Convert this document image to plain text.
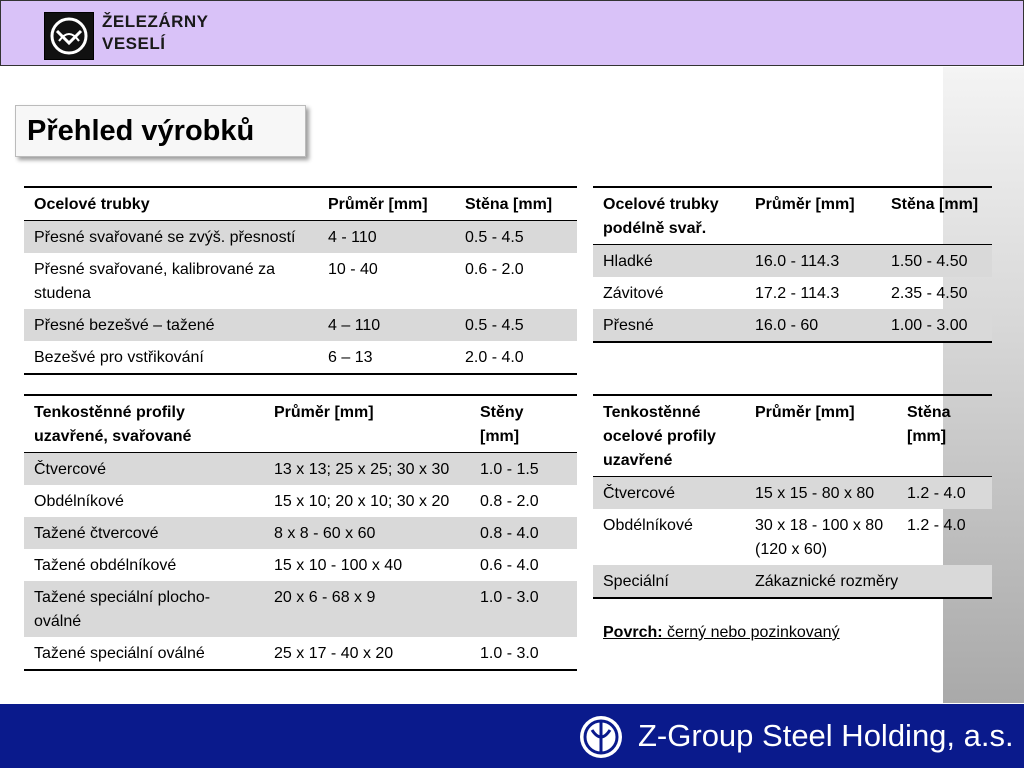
ŽELEZÁRNY
VESELÍ
Přehled výrobků
Ocelové trubky	Průměr [mm]	Stěna [mm]
Přesné svařované se zvýš. přesností	4 - 110	0.5 - 4.5
Přesné svařované, kalibrované za studena	10 - 40	0.6 - 2.0
Přesné bezešvé – tažené	4 – 110	0.5 - 4.5
Bezešvé pro vstřikování	6 – 13	2.0 - 4.0
Ocelové trubky podélně svař.	Průměr [mm]	Stěna [mm]
Hladké	16.0 - 114.3	1.50 - 4.50
Závitové	17.2 - 114.3	2.35 - 4.50
Přesné	16.0 - 60	1.00 - 3.00
Tenkostěnné profily uzavřené, svařované	Průměr [mm]	Stěny [mm]
Čtvercové	13 x 13; 25 x 25; 30 x 30	1.0 - 1.5
Obdélníkové	15 x 10; 20 x 10; 30 x 20	0.8 - 2.0
Tažené čtvercové	8 x 8 - 60 x 60	0.8 - 4.0
Tažené obdélníkové	15 x 10 - 100 x 40	0.6 - 4.0
Tažené speciální plocho-oválné	20 x 6 - 68 x 9	1.0 - 3.0
Tažené speciální oválné	25 x 17 - 40 x 20	1.0 - 3.0
Tenkostěnné ocelové profily uzavřené	Průměr [mm]	Stěna [mm]
Čtvercové	15 x 15 - 80 x 80	1.2 - 4.0
Obdélníkové	30 x 18 - 100 x 80 (120 x 60)	1.2 - 4.0
Speciální	Zákaznické rozměry	
Povrch: černý nebo pozinkovaný
Z-Group Steel Holding, a.s.
